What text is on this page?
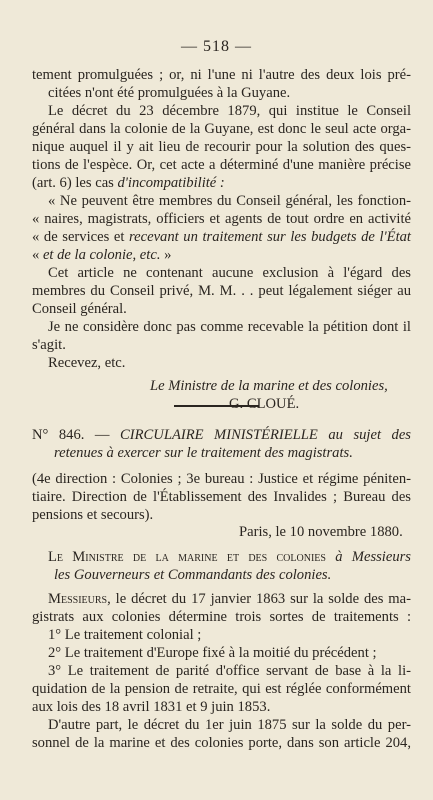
— 518 —
tement promulguées ; or, ni l'une ni l'autre des deux lois pré-
citées n'ont été promulguées à la Guyane.
Le décret du 23 décembre 1879, qui institue le Conseil
général dans la colonie de la Guyane, est donc le seul acte orga-
nique auquel il y ait lieu de recourir pour la solution des ques-
tions de l'espèce. Or, cet acte a déterminé d'une manière précise
(art. 6) les cas d'incompatibilité :
« Ne peuvent être membres du Conseil général, les fonction-
« naires, magistrats, officiers et agents de tout ordre en activité
« de services et recevant un traitement sur les budgets de l'État
« et de la colonie, etc. »
Cet article ne contenant aucune exclusion à l'égard des
membres du Conseil privé, M. M. . . peut légalement siéger au
Conseil général.
Je ne considère donc pas comme recevable la pétition dont il
s'agit.
Recevez, etc.
Le Ministre de la marine et des colonies,
G. CLOUÉ.
N° 846. — CIRCULAIRE MINISTÉRIELLE au sujet des
retenues à exercer sur le traitement des magistrats.
(4e direction : Colonies ; 3e bureau : Justice et régime péniten-
tiaire. Direction de l'Établissement des Invalides ; Bureau des
pensions et secours).
Paris, le 10 novembre 1880.
Le Ministre de la marine et des colonies à Messieurs
les Gouverneurs et Commandants des colonies.
Messieurs, le décret du 17 janvier 1863 sur la solde des ma-
gistrats aux colonies détermine trois sortes de traitements :
1° Le traitement colonial ;
2° Le traitement d'Europe fixé à la moitié du précédent ;
3° Le traitement de parité d'office servant de base à la li-
quidation de la pension de retraite, qui est réglée conformément
aux lois des 18 avril 1831 et 9 juin 1853.
D'autre part, le décret du 1er juin 1875 sur la solde du per-
sonnel de la marine et des colonies porte, dans son article 204,
